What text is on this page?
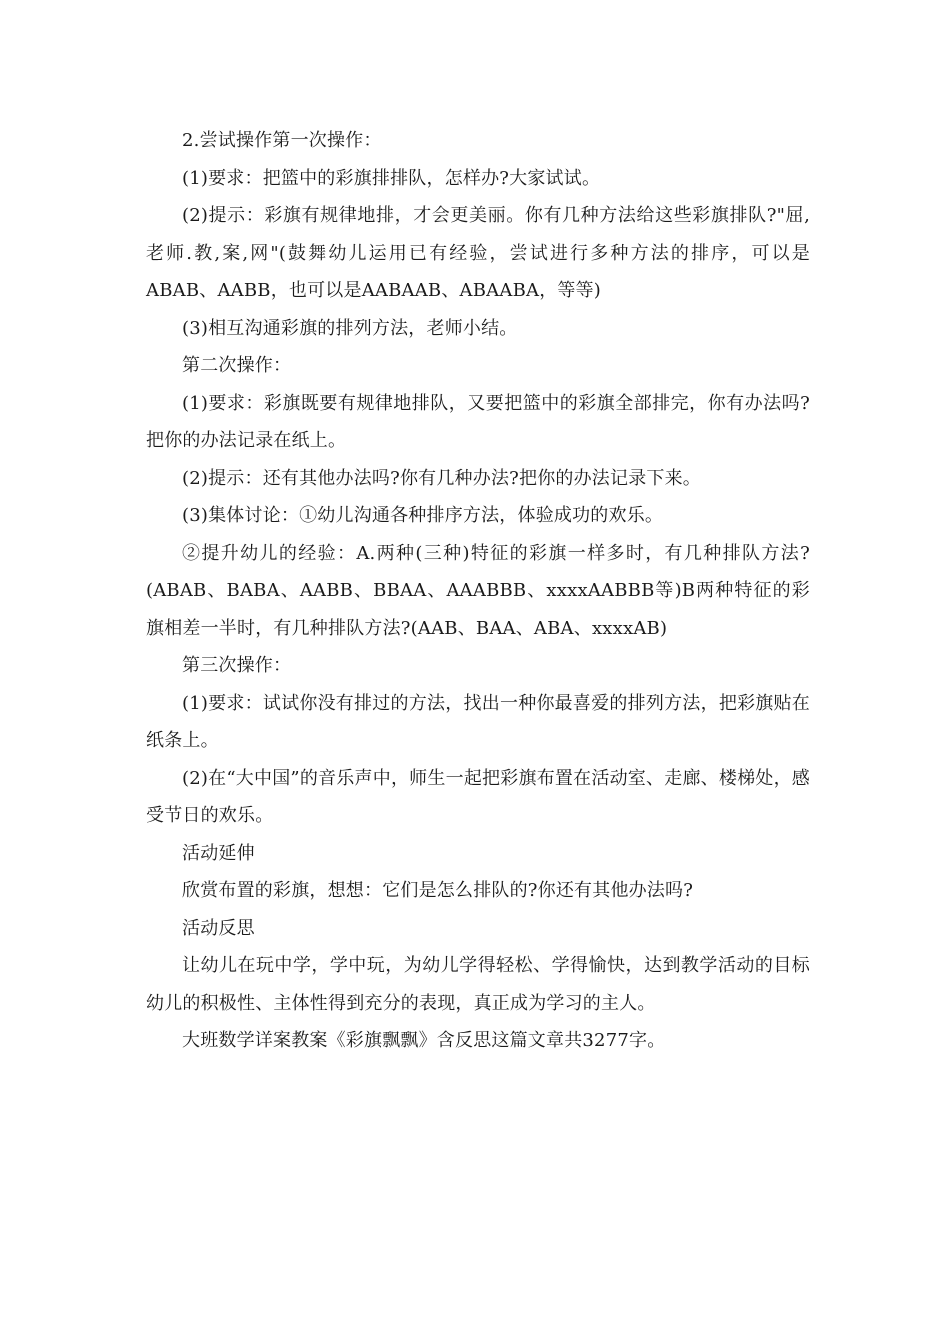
2.尝试操作第一次操作：

(1)要求：把篮中的彩旗排排队，怎样办?大家试试。

(2)提示：彩旗有规律地排，才会更美丽。你有几种方法给这些彩旗排队?"屈,老师.教,案,网"(鼓舞幼儿运用已有经验，尝试进行多种方法的排序，可以是ABAB、AABB，也可以是AABAAB、ABAABA，等等)

(3)相互沟通彩旗的排列方法，老师小结。

第二次操作：

(1)要求：彩旗既要有规律地排队，又要把篮中的彩旗全部排完，你有办法吗?把你的办法记录在纸上。

(2)提示：还有其他办法吗?你有几种办法?把你的办法记录下来。

(3)集体讨论：①幼儿沟通各种排序方法，体验成功的欢乐。

②提升幼儿的经验：A.两种(三种)特征的彩旗一样多时，有几种排队方法?(ABAB、BABA、AABB、BBAA、AAABBB、xxxxAABBB等)B两种特征的彩旗相差一半时，有几种排队方法?(AAB、BAA、ABA、xxxxAB)

第三次操作：

(1)要求：试试你没有排过的方法，找出一种你最喜爱的排列方法，把彩旗贴在纸条上。

(2)在“大中国”的音乐声中，师生一起把彩旗布置在活动室、走廊、楼梯处，感受节日的欢乐。

活动延伸

欣赏布置的彩旗，想想：它们是怎么排队的?你还有其他办法吗?

活动反思

让幼儿在玩中学，学中玩，为幼儿学得轻松、学得愉快，达到教学活动的目标幼儿的积极性、主体性得到充分的表现，真正成为学习的主人。

大班数学详案教案《彩旗飘飘》含反思这篇文章共3277字。
